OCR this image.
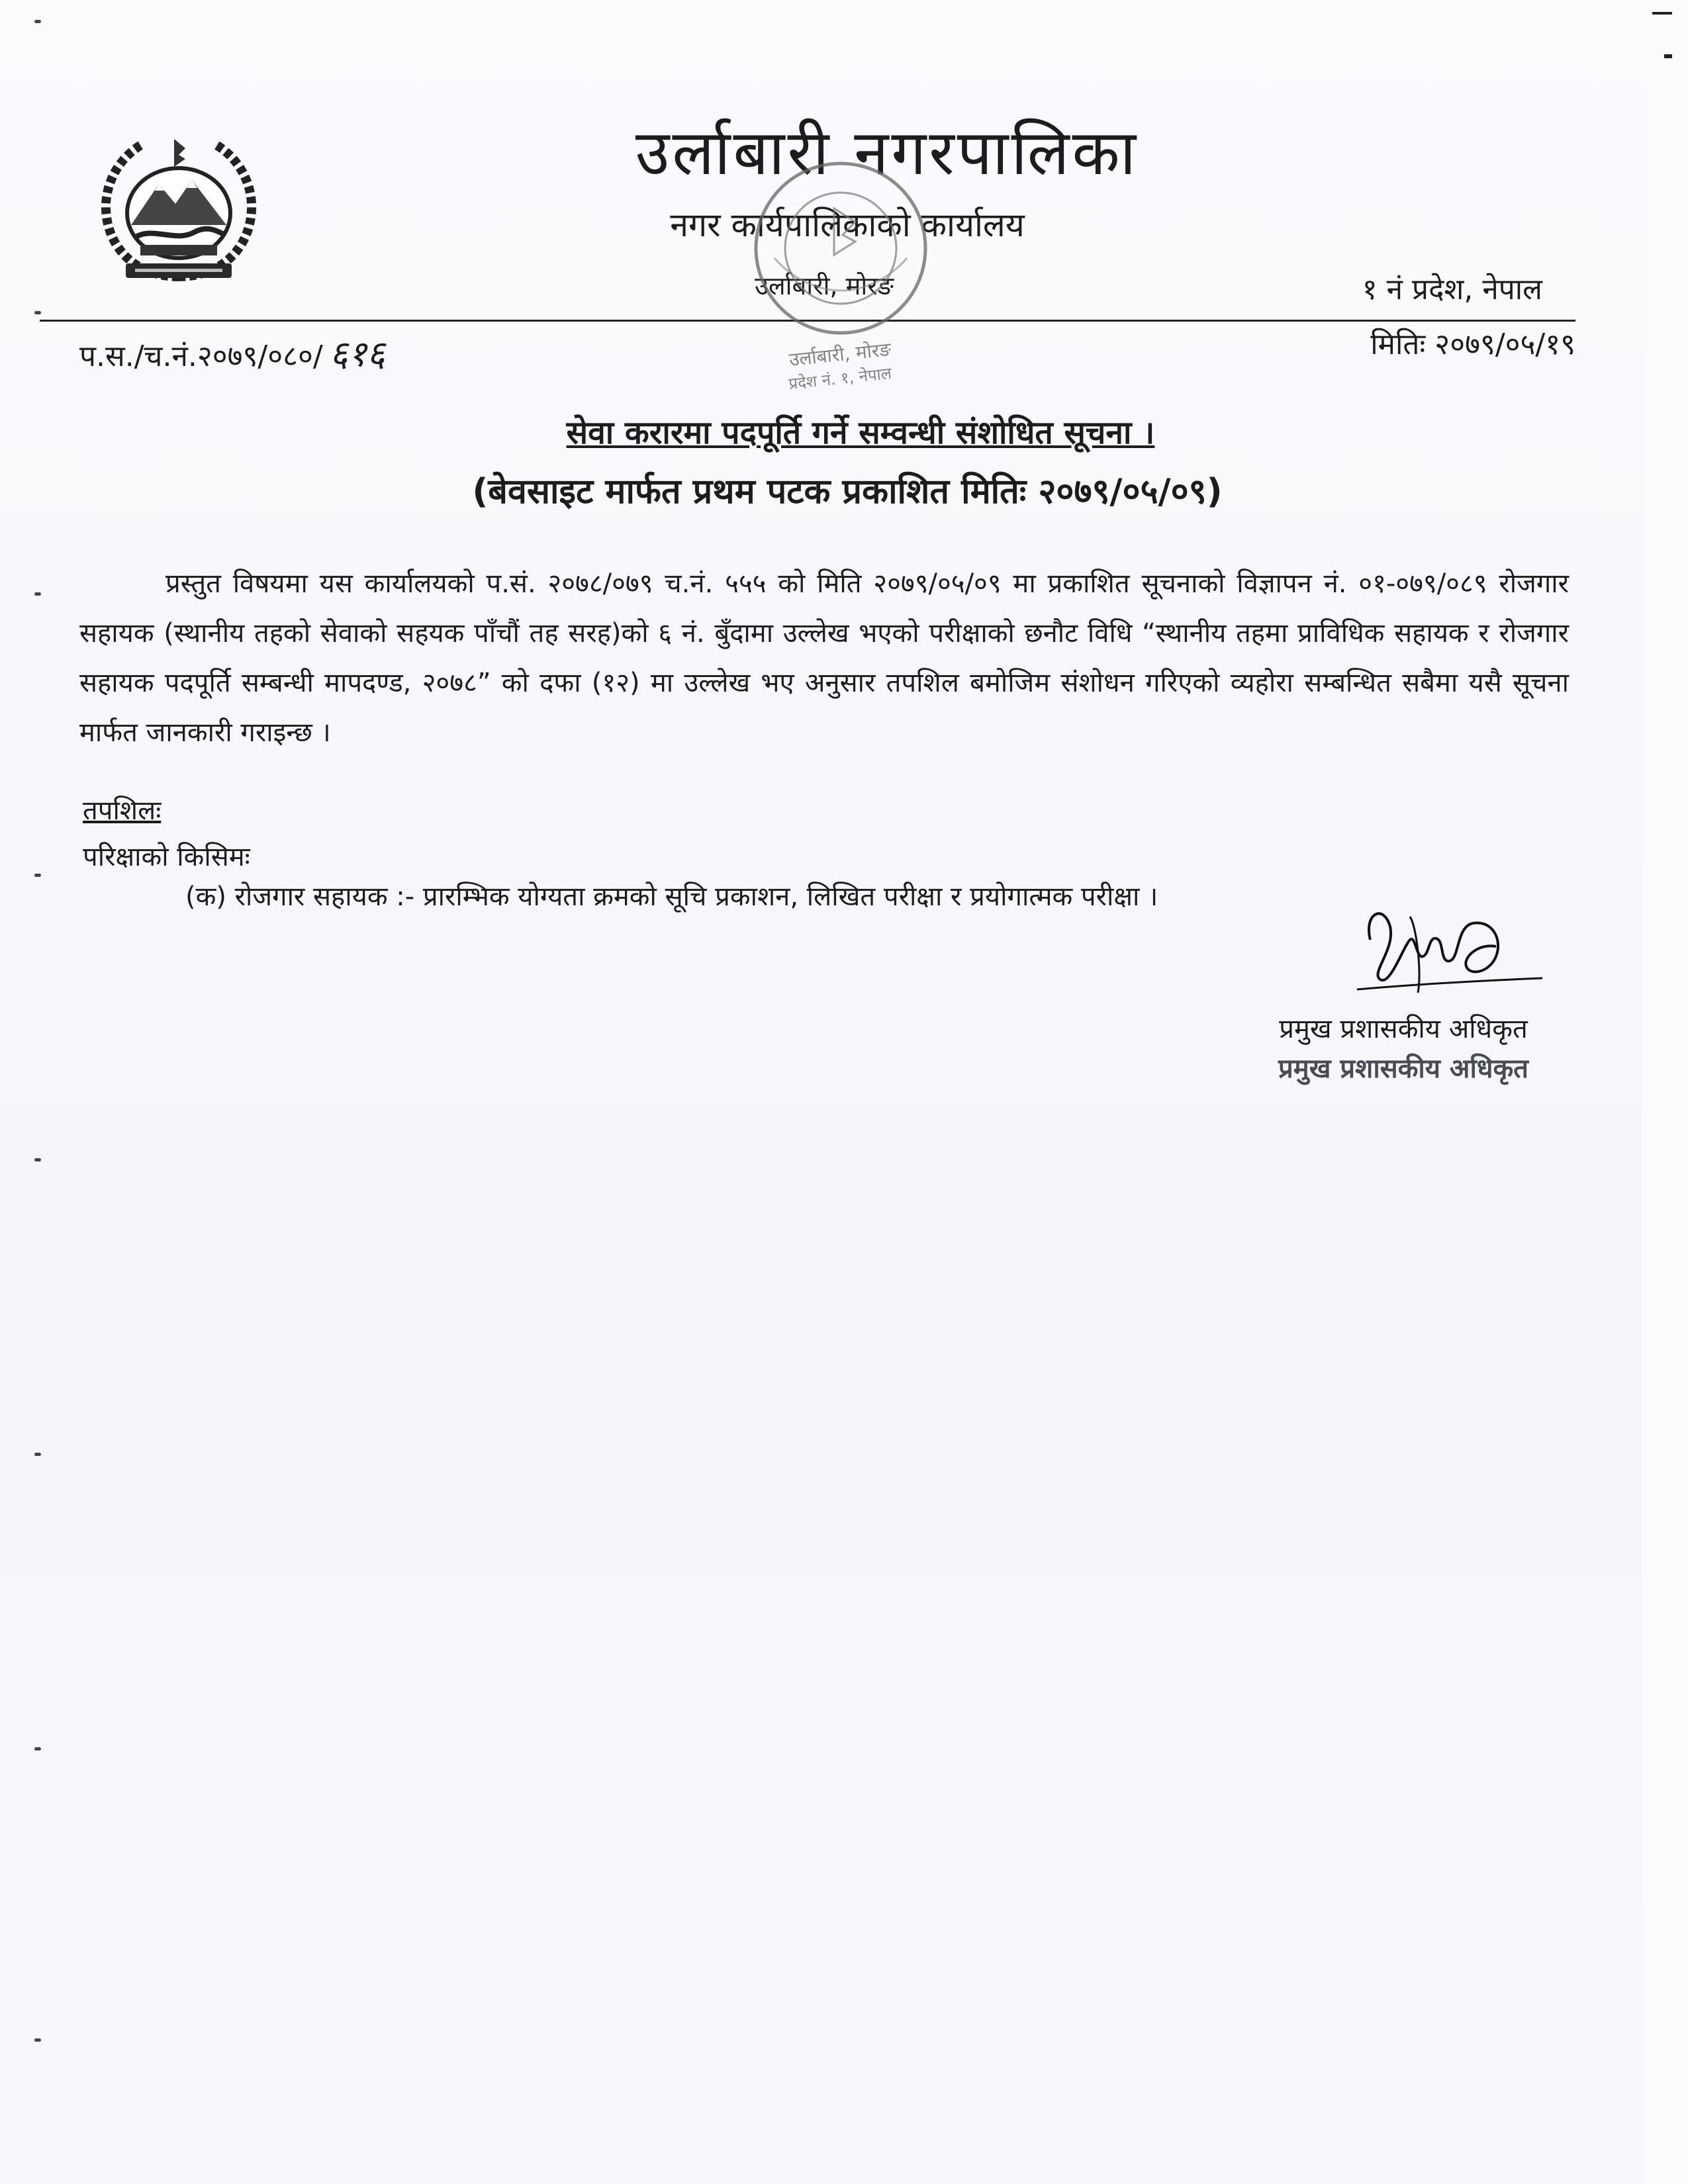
उर्लाबारी नगरपालिका
नगर कार्यपालिकाको कार्यालय
उर्लाबारी, मोरङ	१ नं प्रदेश, नेपाल
प.स./च.नं.२०७९/०८०/ ६१६	मितिः २०७९/०५/१९
उर्लाबारी, मोरङ
प्रदेश नं. १, नेपाल
सेवा करारमा पदपूर्ति गर्ने सम्वन्धी संशोधित सूचना ।
(बेवसाइट मार्फत प्रथम पटक प्रकाशित मितिः २०७९/०५/०९)
प्रस्तुत विषयमा यस कार्यालयको प.सं. २०७८/०७९ च.नं. ५५५ को मिति २०७९/०५/०९ मा प्रकाशित सूचनाको विज्ञापन नं. ०१-०७९/०८९ रोजगार सहायक (स्थानीय तहको सेवाको सहयक पाँचौं तह सरह)को ६ नं. बुँदामा उल्लेख भएको परीक्षाको छनौट विधि “स्थानीय तहमा प्राविधिक सहायक र रोजगार सहायक पदपूर्ति सम्बन्धी मापदण्ड, २०७८” को दफा (१२) मा उल्लेख भए अनुसार तपशिल बमोजिम संशोधन गरिएको व्यहोरा सम्बन्धित सबैमा यसै सूचना मार्फत जानकारी गराइन्छ ।
तपशिलः
परिक्षाको किसिमः
(क) रोजगार सहायक :- प्रारम्भिक योग्यता क्रमको सूचि प्रकाशन, लिखित परीक्षा र प्रयोगात्मक परीक्षा ।
प्रमुख प्रशासकीय अधिकृत
प्रमुख प्रशासकीय अधिकृत
